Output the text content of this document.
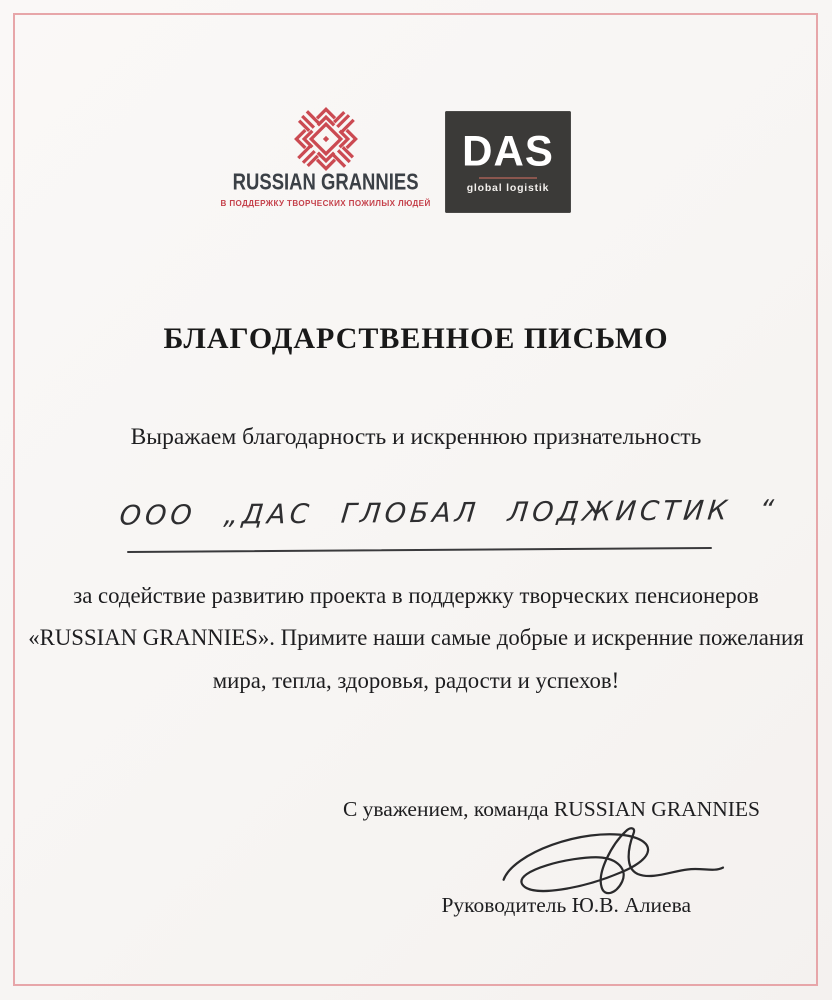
RUSSIAN GRANNIES
В ПОДДЕРЖКУ ТВОРЧЕСКИХ ПОЖИЛЫХ ЛЮДЕЙ
DAS
global logistik
БЛАГОДАРСТВЕННОЕ ПИСЬМО
Выражаем благодарность и искреннюю признательность
ООО „ДАС ГЛОБАЛ ЛОДЖИСТИК “
за содействие развитию проекта в поддержку творческих пенсионеров
«RUSSIAN GRANNIES». Примите наши самые добрые и искренние пожелания
мира, тепла, здоровья, радости и успехов!
С уважением, команда RUSSIAN GRANNIES
Руководитель Ю.В. Алиева
